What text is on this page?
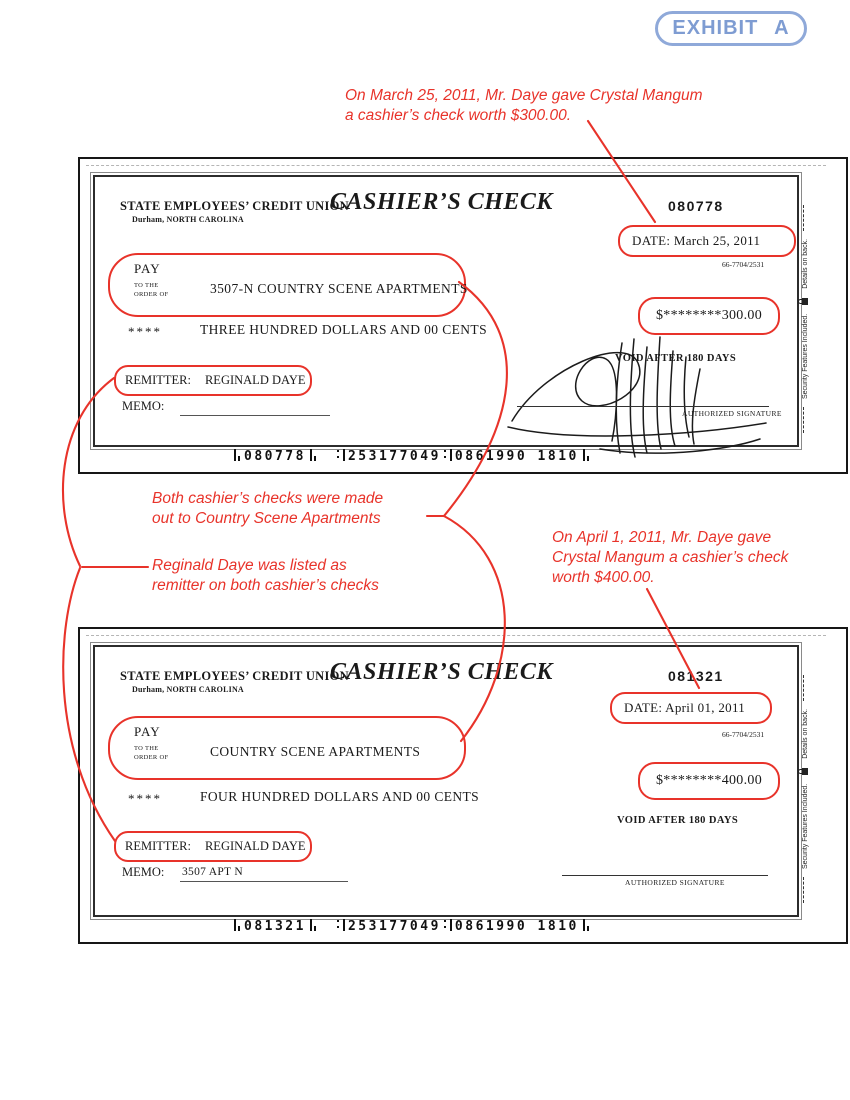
EXHIBIT A
On March 25, 2011, Mr. Daye gave Crystal Mangum
a cashier’s check worth $300.00.
Both cashier’s checks were made
out to Country Scene Apartments
Reginald Daye was listed as
remitter on both cashier’s checks
On April 1, 2011, Mr. Daye gave
Crystal Mangum a cashier’s check
worth $400.00.
STATE EMPLOYEES’ CREDIT UNION
Durham, NORTH CAROLINA
CASHIER’S CHECK	080778
DATE: March 25, 2011
66-7704/2531
PAY
TO THE
ORDER OF	3507-N COUNTRY SCENE APARTMENTS
****	THREE HUNDRED DOLLARS AND 00 CENTS
$********300.00
VOID AFTER 180 DAYS
AUTHORIZED SIGNATURE
REMITTER: REGINALD DAYE
MEMO:
Security Features Included.Details on back.
080778	253177049 0861990 1810
STATE EMPLOYEES’ CREDIT UNION
Durham, NORTH CAROLINA
CASHIER’S CHECK	081321
DATE: April 01, 2011
66-7704/2531
PAY
TO THE
ORDER OF	COUNTRY SCENE APARTMENTS
****	FOUR HUNDRED DOLLARS AND 00 CENTS
$********400.00
VOID AFTER 180 DAYS
AUTHORIZED SIGNATURE
REMITTER: REGINALD DAYE
MEMO: 3507 APT N
Security Features Included.Details on back.
081321	253177049 0861990 1810
